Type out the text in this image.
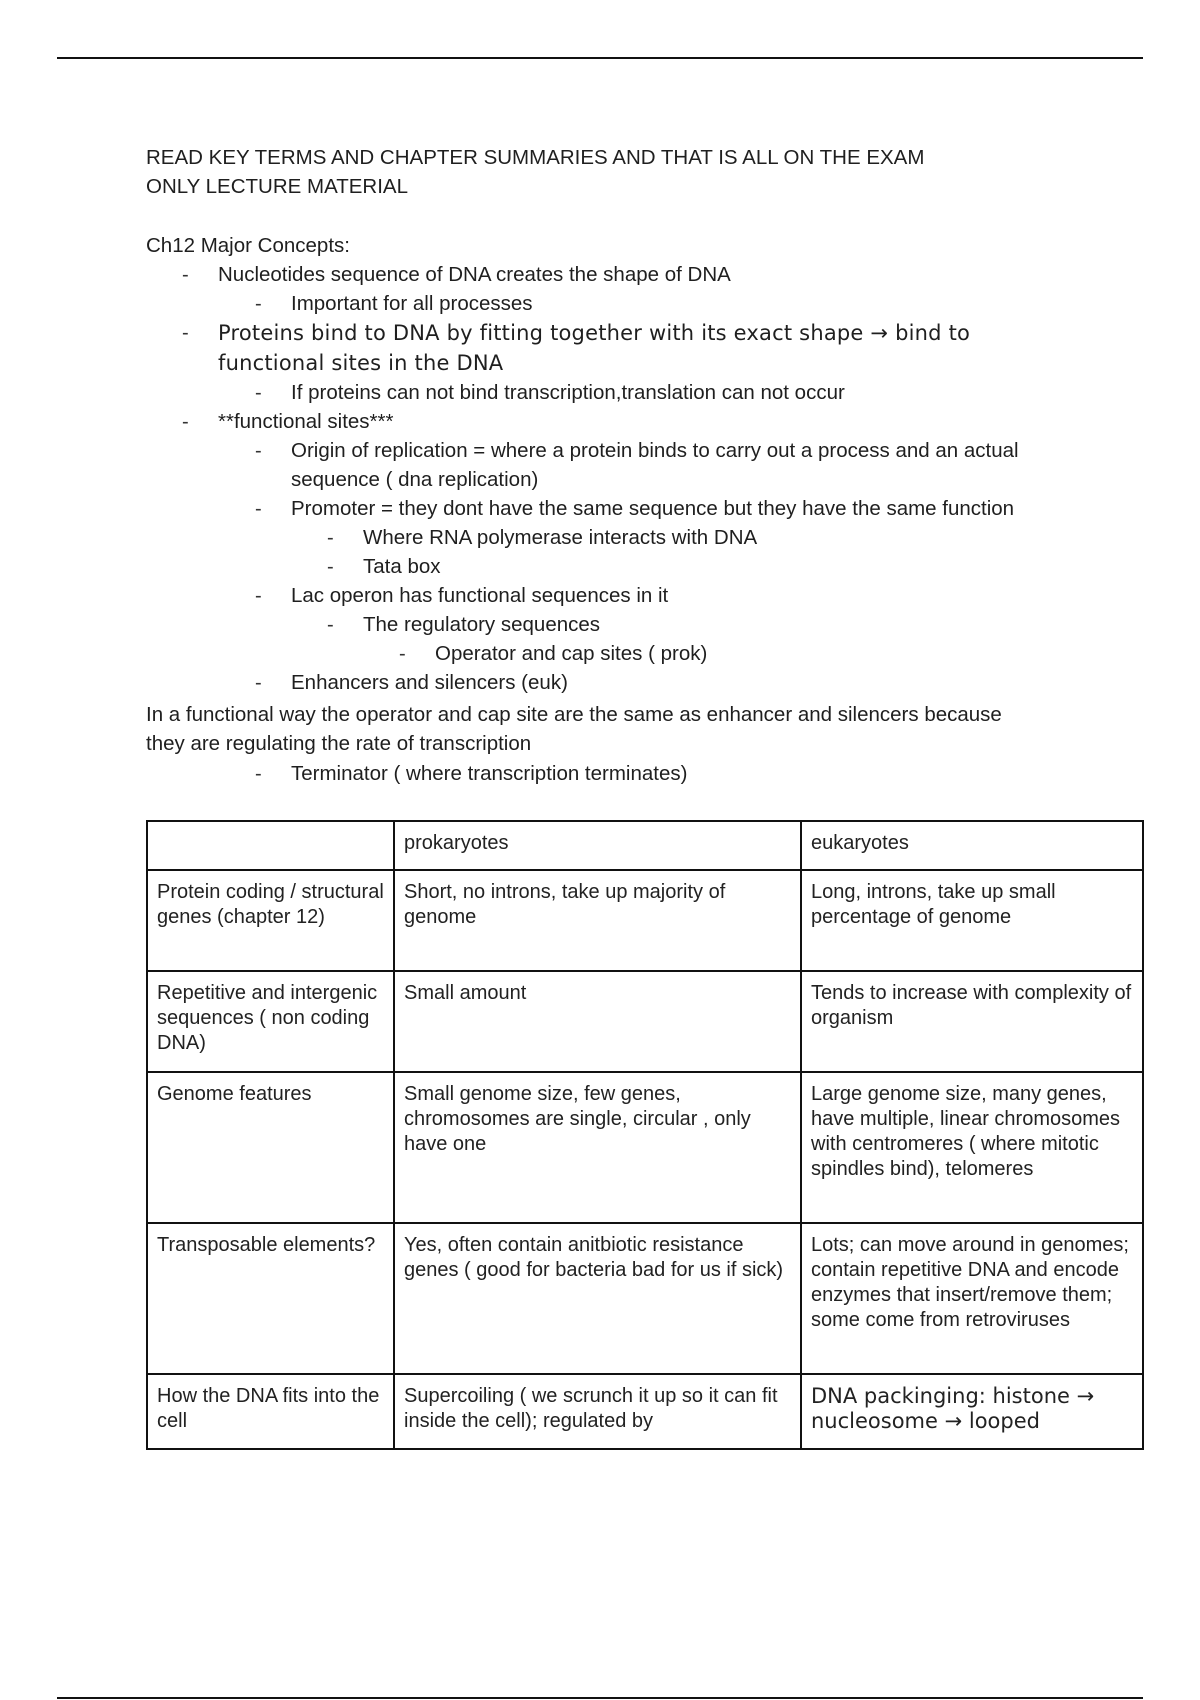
READ KEY TERMS AND CHAPTER SUMMARIES AND THAT IS ALL ON THE EXAM
ONLY LECTURE MATERIAL
Ch12 Major Concepts:
- Nucleotides sequence of DNA creates the shape of DNA
- Important for all processes
- Proteins bind to DNA by fitting together with its exact shape → bind to
functional sites in the DNA
- If proteins can not bind transcription,translation can not occur
- **functional sites***
- Origin of replication = where a protein binds to carry out a process and an actual
sequence ( dna replication)
- Promoter = they dont have the same sequence but they have the same function
- Where RNA polymerase interacts with DNA
- Tata box
- Lac operon has functional sequences in it
- The regulatory sequences
- Operator and cap sites ( prok)
- Enhancers and silencers (euk)
In a functional way the operator and cap site are the same as enhancer and silencers because
they are regulating the rate of transcription
- Terminator ( where transcription terminates)
	prokaryotes	eukaryotes
Protein coding / structural genes (chapter 12)	Short, no introns, take up majority of genome	Long, introns, take up small percentage of genome
Repetitive and intergenic sequences ( non coding DNA)	Small amount	Tends to increase with complexity of organism
Genome features	Small genome size, few genes, chromosomes are single, circular , only have one	Large genome size, many genes, have multiple, linear chromosomes with centromeres ( where mitotic spindles bind), telomeres
Transposable elements?	Yes, often contain anitbiotic resistance genes ( good for bacteria bad for us if sick)	Lots; can move around in genomes; contain repetitive DNA and encode enzymes that insert/remove them; some come from retroviruses
How the DNA fits into the cell	Supercoiling ( we scrunch it up so it can fit inside the cell); regulated by	DNA packinging: histone → nucleosome → looped
